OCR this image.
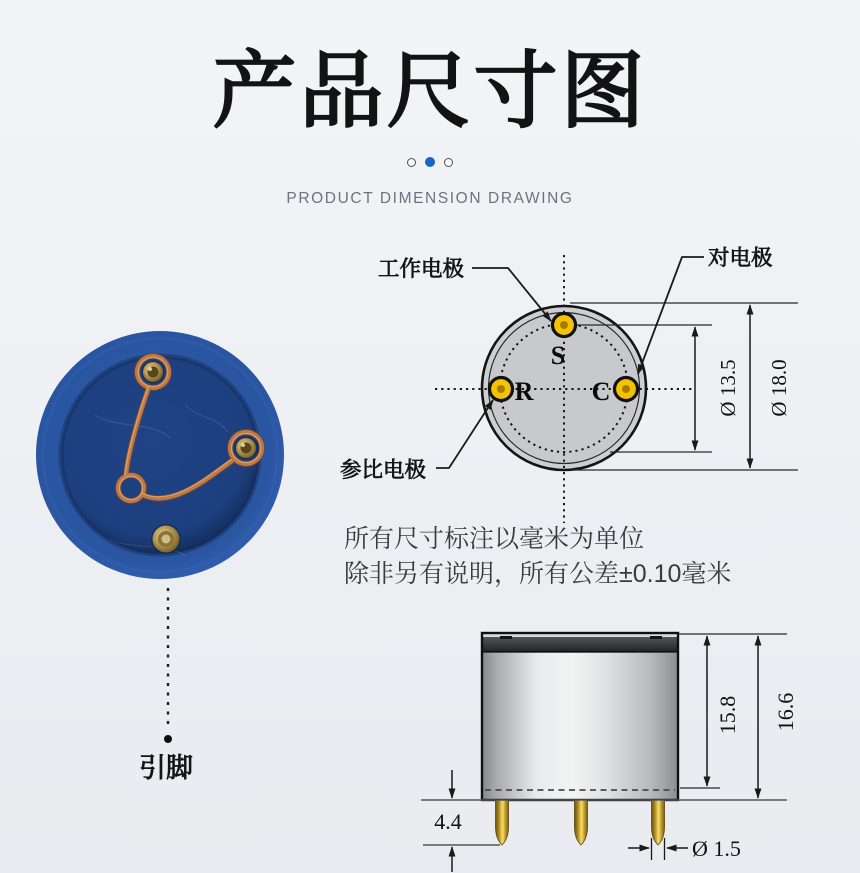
产品尺寸图
PRODUCT DIMENSION DRAWING
引脚
Ø 13.5 Ø 18.0
S
R C
工作电极	对电极
参比电极
所有尺寸标注以毫米为单位
除非另有说明，所有公差±0.10毫米
15.8 16.6
4.4
Ø 1.5
